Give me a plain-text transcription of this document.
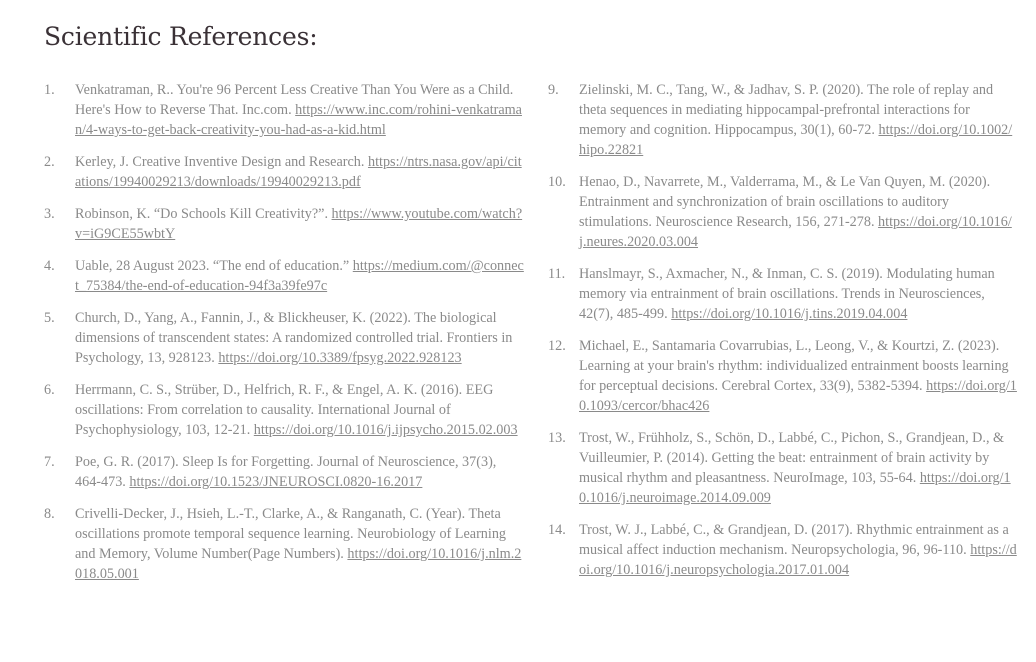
Scientific References:
1.	Venkatraman, R.. You're 96 Percent Less Creative Than You Were as a Child. Here's How to Reverse That. Inc.com. https://www.inc.com/rohini-venkatraman/4-ways-to-get-back-creativity-you-had-as-a-kid.html
2.	Kerley, J. Creative Inventive Design and Research. https://ntrs.nasa.gov/api/citations/19940029213/downloads/19940029213.pdf
3.	Robinson, K. “Do Schools Kill Creativity?”. https://www.youtube.com/watch?v=iG9CE55wbtY
4.	Uable, 28 August 2023. “The end of education.” https://medium.com/@connect_75384/the-end-of-education-94f3a39fe97c
5.	Church, D., Yang, A., Fannin, J., & Blickheuser, K. (2022). The biological dimensions of transcendent states: A randomized controlled trial. Frontiers in Psychology, 13, 928123. https://doi.org/10.3389/fpsyg.2022.928123
6.	Herrmann, C. S., Strüber, D., Helfrich, R. F., & Engel, A. K. (2016). EEG oscillations: From correlation to causality. International Journal of Psychophysiology, 103, 12-21. https://doi.org/10.1016/j.ijpsycho.2015.02.003
7.	Poe, G. R. (2017). Sleep Is for Forgetting. Journal of Neuroscience, 37(3), 464-473. https://doi.org/10.1523/JNEUROSCI.0820-16.2017
8.	Crivelli-Decker, J., Hsieh, L.-T., Clarke, A., & Ranganath, C. (Year). Theta oscillations promote temporal sequence learning. Neurobiology of Learning and Memory, Volume Number(Page Numbers). https://doi.org/10.1016/j.nlm.2018.05.001
9.	Zielinski, M. C., Tang, W., & Jadhav, S. P. (2020). The role of replay and theta sequences in mediating hippocampal-prefrontal interactions for memory and cognition. Hippocampus, 30(1), 60-72. https://doi.org/10.1002/hipo.22821
10. Henao, D., Navarrete, M., Valderrama, M., & Le Van Quyen, M. (2020). Entrainment and synchronization of brain oscillations to auditory stimulations. Neuroscience Research, 156, 271-278. https://doi.org/10.1016/j.neures.2020.03.004
11. Hanslmayr, S., Axmacher, N., & Inman, C. S. (2019). Modulating human memory via entrainment of brain oscillations. Trends in Neurosciences, 42(7), 485-499. https://doi.org/10.1016/j.tins.2019.04.004
12. Michael, E., Santamaria Covarrubias, L., Leong, V., & Kourtzi, Z. (2023). Learning at your brain's rhythm: individualized entrainment boosts learning for perceptual decisions. Cerebral Cortex, 33(9), 5382-5394. https://doi.org/10.1093/cercor/bhac426
13. Trost, W., Frühholz, S., Schön, D., Labbé, C., Pichon, S., Grandjean, D., & Vuilleumier, P. (2014). Getting the beat: entrainment of brain activity by musical rhythm and pleasantness. NeuroImage, 103, 55-64. https://doi.org/10.1016/j.neuroimage.2014.09.009
14. Trost, W. J., Labbé, C., & Grandjean, D. (2017). Rhythmic entrainment as a musical affect induction mechanism. Neuropsychologia, 96, 96-110. https://doi.org/10.1016/j.neuropsychologia.2017.01.004
